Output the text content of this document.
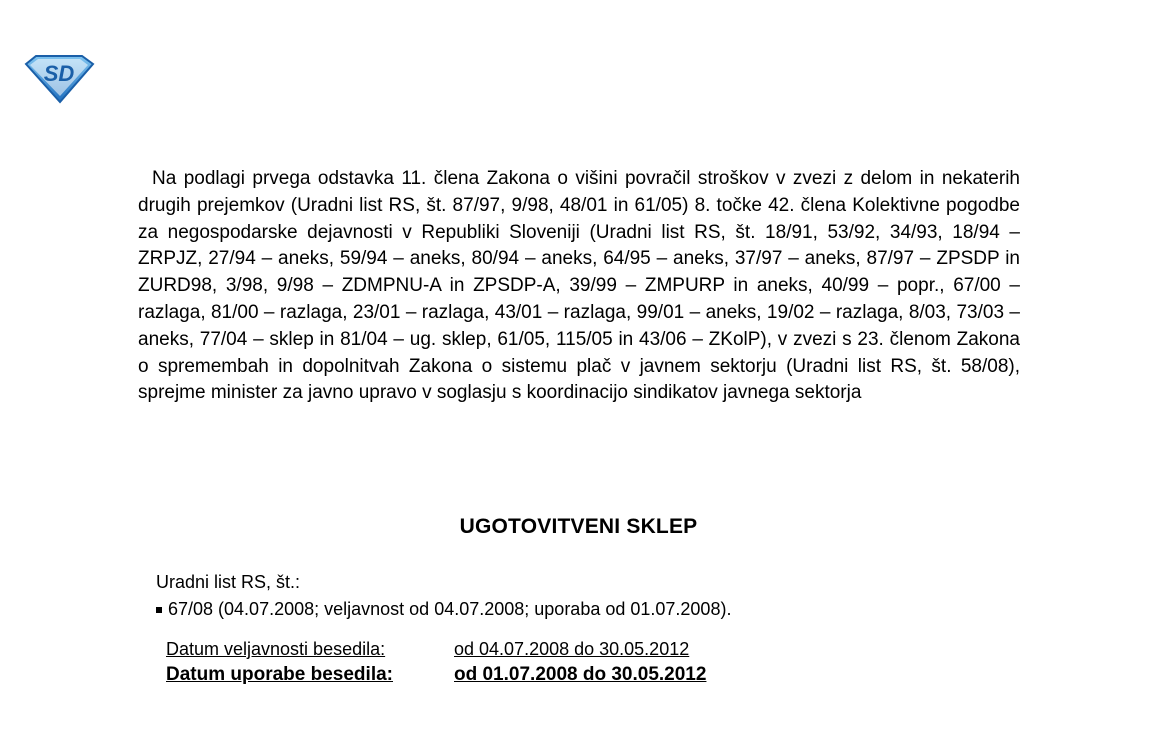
SD

Na podlagi prvega odstavka 11. člena Zakona o višini povračil stroškov v zvezi z delom in nekaterih drugih prejemkov (Uradni list RS, št. 87/97, 9/98, 48/01 in 61/05) 8. točke 42. člena Kolektivne pogodbe za negospodarske dejavnosti v Republiki Sloveniji (Uradni list RS, št. 18/91, 53/92, 34/93, 18/94 – ZRPJZ, 27/94 – aneks, 59/94 – aneks, 80/94 – aneks, 64/95 – aneks, 37/97 – aneks, 87/97 – ZPSDP in ZURD98, 3/98, 9/98 – ZDMPNU-A in ZPSDP-A, 39/99 – ZMPURP in aneks, 40/99 – popr., 67/00 – razlaga, 81/00 – razlaga, 23/01 – razlaga, 43/01 – razlaga, 99/01 – aneks, 19/02 – razlaga, 8/03, 73/03 – aneks, 77/04 – sklep in 81/04 – ug. sklep, 61/05, 115/05 in 43/06 – ZKolP), v zvezi s 23. členom Zakona o spremembah in dopolnitvah Zakona o sistemu plač v javnem sektorju (Uradni list RS, št. 58/08), sprejme minister za javno upravo v soglasju s koordinacijo sindikatov javnega sektorja

UGOTOVITVENI SKLEP

Uradni list RS, št.:

67/08 (04.07.2008; veljavnost od 04.07.2008; uporaba od 01.07.2008).
Datum veljavnosti besedila:	od 04.07.2008 do 30.05.2012
Datum uporabe besedila:	od 01.07.2008 do 30.05.2012
